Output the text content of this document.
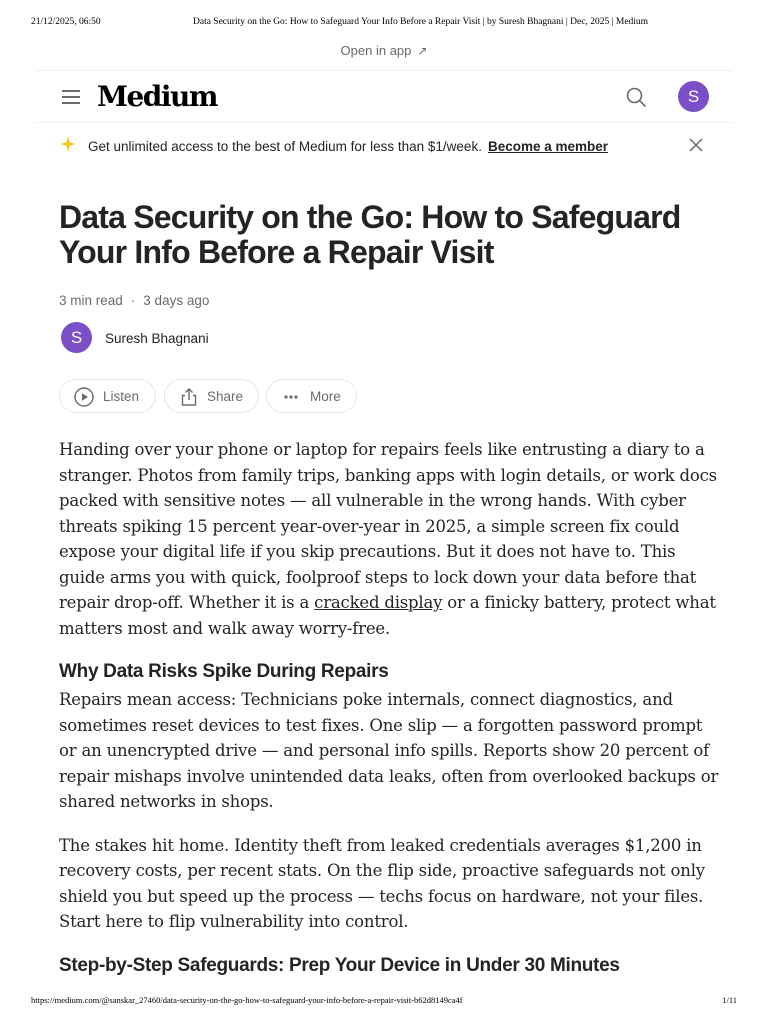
21/12/2025, 06:50	Data Security on the Go: How to Safeguard Your Info Before a Repair Visit | by Suresh Bhagnani | Dec, 2025 | Medium
Open in app ↗
Medium	S
Get unlimited access to the best of Medium for less than $1/week. Become a member
Data Security on the Go: How to Safeguard Your Info Before a Repair Visit
3 min read · 3 days ago
S	Suresh Bhagnani
Listen	Share	More

Handing over your phone or laptop for repairs feels like entrusting a diary to a stranger. Photos from family trips, banking apps with login details, or work docs packed with sensitive notes — all vulnerable in the wrong hands. With cyber threats spiking 15 percent year-over-year in 2025, a simple screen fix could expose your digital life if you skip precautions. But it does not have to. This guide arms you with quick, foolproof steps to lock down your data before that repair drop-off. Whether it is a cracked display or a finicky battery, protect what matters most and walk away worry-free.

Why Data Risks Spike During Repairs

Repairs mean access: Technicians poke internals, connect diagnostics, and sometimes reset devices to test fixes. One slip — a forgotten password prompt or an unencrypted drive — and personal info spills. Reports show 20 percent of repair mishaps involve unintended data leaks, often from overlooked backups or shared networks in shops.

The stakes hit home. Identity theft from leaked credentials averages $1,200 in recovery costs, per recent stats. On the flip side, proactive safeguards not only shield you but speed up the process — techs focus on hardware, not your files. Start here to flip vulnerability into control.

Step-by-Step Safeguards: Prep Your Device in Under 30 Minutes
https://medium.com/@sanskar_27460/data-security-on-the-go-how-to-safeguard-your-info-before-a-repair-visit-b62d8149ca4f	1/11
